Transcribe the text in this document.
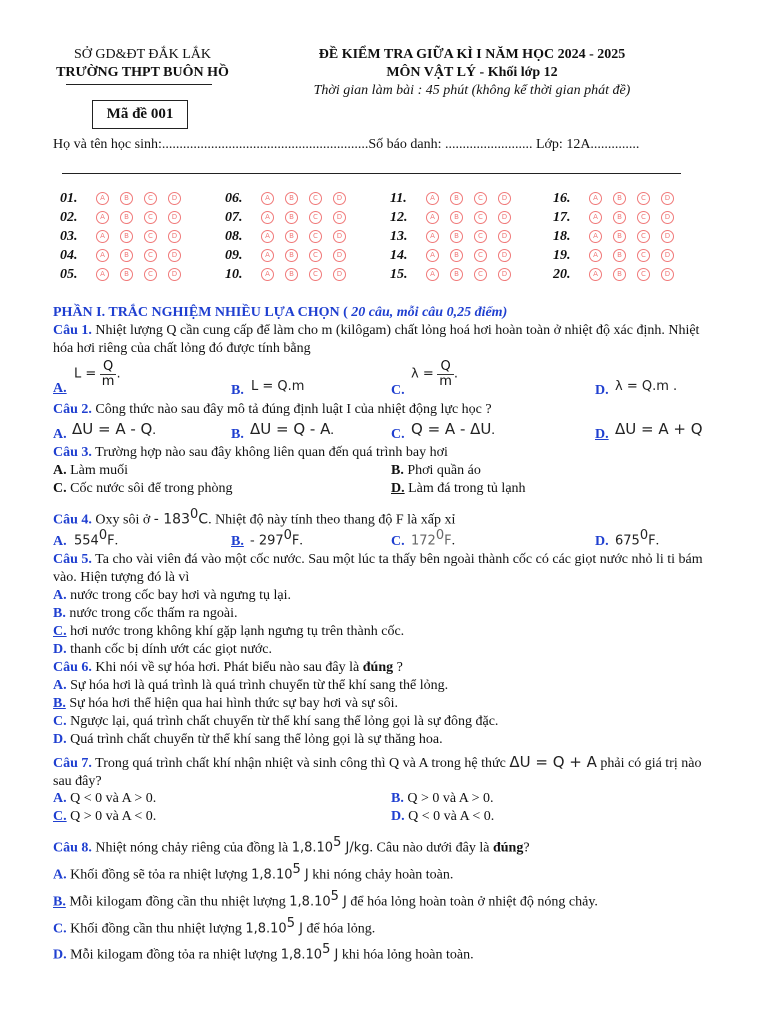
SỞ GD&ĐT ĐẮK LẮK
TRƯỜNG THPT BUÔN HỒ
ĐỀ KIỂM TRA GIỮA KÌ I NĂM HỌC 2024 - 2025
MÔN VẬT LÝ - Khối lớp 12
Thời gian làm bài : 45 phút (không kể thời gian phát đề)
Mã đề 001
Họ và tên học sinh:...........................................................Số báo danh: ......................... Lớp: 12A..............
01.	A	B	C	D
02.	A	B	C	D
03.	A	B	C	D
04.	A	B	C	D
05.	A	B	C	D
06.	A	B	C	D
07.	A	B	C	D
08.	A	B	C	D
09.	A	B	C	D
10.	A	B	C	D
11.	A	B	C	D
12.	A	B	C	D
13.	A	B	C	D
14.	A	B	C	D
15.	A	B	C	D
16.	A	B	C	D
17.	A	B	C	D
18.	A	B	C	D
19.	A	B	C	D
20.	A	B	C	D
PHẦN I. TRẮC NGHIỆM NHIỀU LỰA CHỌN ( 20 câu, mỗi câu 0,25 điểm)
Câu 1. Nhiệt lượng Q cần cung cấp để làm cho m (kilôgam) chất lỏng hoá hơi hoàn toàn ở nhiệt độ xác định. Nhiệt hóa hơi riêng của chất lỏng đó được tính bằng
A.
$L = \frac{Q}{m}$ .
B. L = Q.m	C.
$\lambda = \frac{Q}{m}$ .
D. λ = Q.m .
Câu 2. Công thức nào sau đây mô tả đúng định luật I của nhiệt động lực học ?
A. ΔU = A - Q.	B. ΔU = Q - A.	C. Q = A - ΔU.	D. ΔU = A + Q
Câu 3. Trường hợp nào sau đây không liên quan đến quá trình bay hơi
A. Làm muối	B. Phơi quần áo
C. Cốc nước sôi để trong phòng	D. Làm đá trong tủ lạnh
Câu 4. Oxy sôi ở - $183^0C$. Nhiệt độ này tính theo thang độ F là xấp xỉ
A. $554^0F$.	B. - $297^0F$.	C. $172^0F$.	D. $675^0F$.
Câu 5. Ta cho vài viên đá vào một cốc nước. Sau một lúc ta thấy bên ngoài thành cốc có các giọt nước nhỏ li ti bám vào. Hiện tượng đó là vì
A. nước trong cốc bay hơi và ngưng tụ lại.
B. nước trong cốc thấm ra ngoài.
C. hơi nước trong không khí gặp lạnh ngưng tụ trên thành cốc.
D. thanh cốc bị dính ướt các giọt nước.
Câu 6. Khi nói về sự hóa hơi. Phát biểu nào sau đây là đúng ?
A. Sự hóa hơi là quá trình là quá trình chuyển từ thể khí sang thể lỏng.
B. Sự hóa hơi thể hiện qua hai hình thức sự bay hơi và sự sôi.
C. Ngược lại, quá trình chất chuyển từ thể khí sang thể lỏng gọi là sự đông đặc.
D. Quá trình chất chuyển từ thể khí sang thể lỏng gọi là sự thăng hoa.
Câu 7. Trong quá trình chất khí nhận nhiệt và sinh công thì Q và A trong hệ thức ΔU = Q + A phải có giá trị nào sau đây?
A. Q < 0 và A > 0.	B. Q > 0 và A > 0.
C. Q > 0 và A < 0.	D. Q < 0 và A < 0.
Câu 8. Nhiệt nóng chảy riêng của đồng là 1,8.10$^5$ J/kg. Câu nào dưới đây là đúng?
A. Khối đồng sẽ tỏa ra nhiệt lượng 1,8.10$^5$ J khi nóng chảy hoàn toàn.
B. Mỗi kilogam đồng cần thu nhiệt lượng 1,8.10$^5$ J để hóa lỏng hoàn toàn ở nhiệt độ nóng chảy.
C. Khối đồng cần thu nhiệt lượng 1,8.10$^5$ J để hóa lỏng.
D. Mỗi kilogam đồng tỏa ra nhiệt lượng 1,8.10$^5$ J khi hóa lỏng hoàn toàn.
